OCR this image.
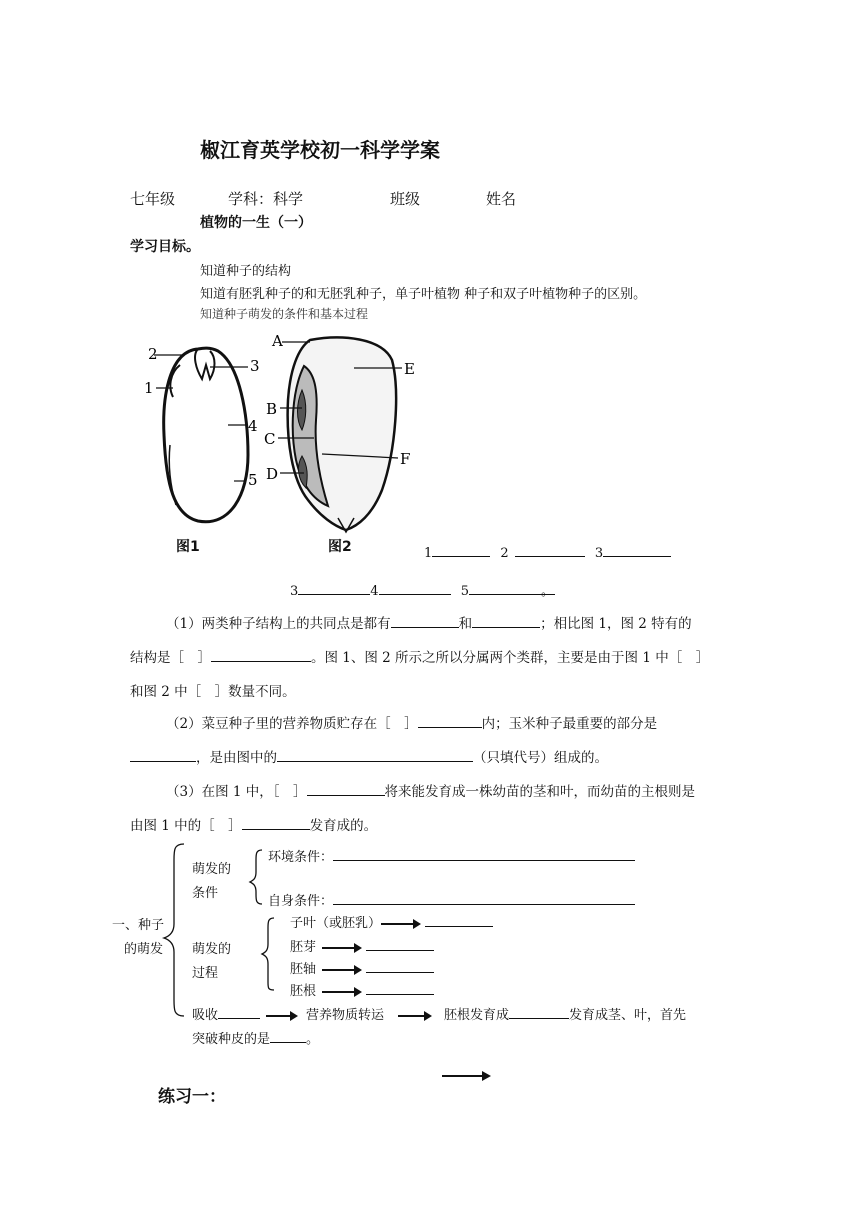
椒江育英学校初一科学学案
七年级	学科：科学	班级	姓名
植物的一生（一）
学习目标。
知道种子的结构
知道有胚乳种子的和无胚乳种子，单子叶植物 种子和双子叶植物种子的区别。
知道种子萌发的条件和基本过程
2
1
3
4
5
图1
A
B
C
D
E
F
图2	1	2	3
3	4	5	。
（1）两类种子结构上的共同点是都有	和	；相比图 1，图 2 特有的
结构是［　］	。图 1、图 2 所示之所以分属两个类群，主要是由于图 1 中［　］
和图 2 中［　］数量不同。
（2）菜豆种子里的营养物质贮存在［　］	内；玉米种子最重要的部分是
，是由图中的	（只填代号）组成的。
（3）在图 1 中，［　］	将来能发育成一株幼苗的茎和叶，而幼苗的主根则是
由图 1 中的［　］	发育成的。
一、种子
的萌发
萌发的
条件
环境条件：
自身条件：
萌发的
过程
子叶（或胚乳）
胚芽
胚轴
胚根
吸收	营养物质转运	胚根发育成	发育成茎、叶，首先
突破种皮的是	。
练习一：
